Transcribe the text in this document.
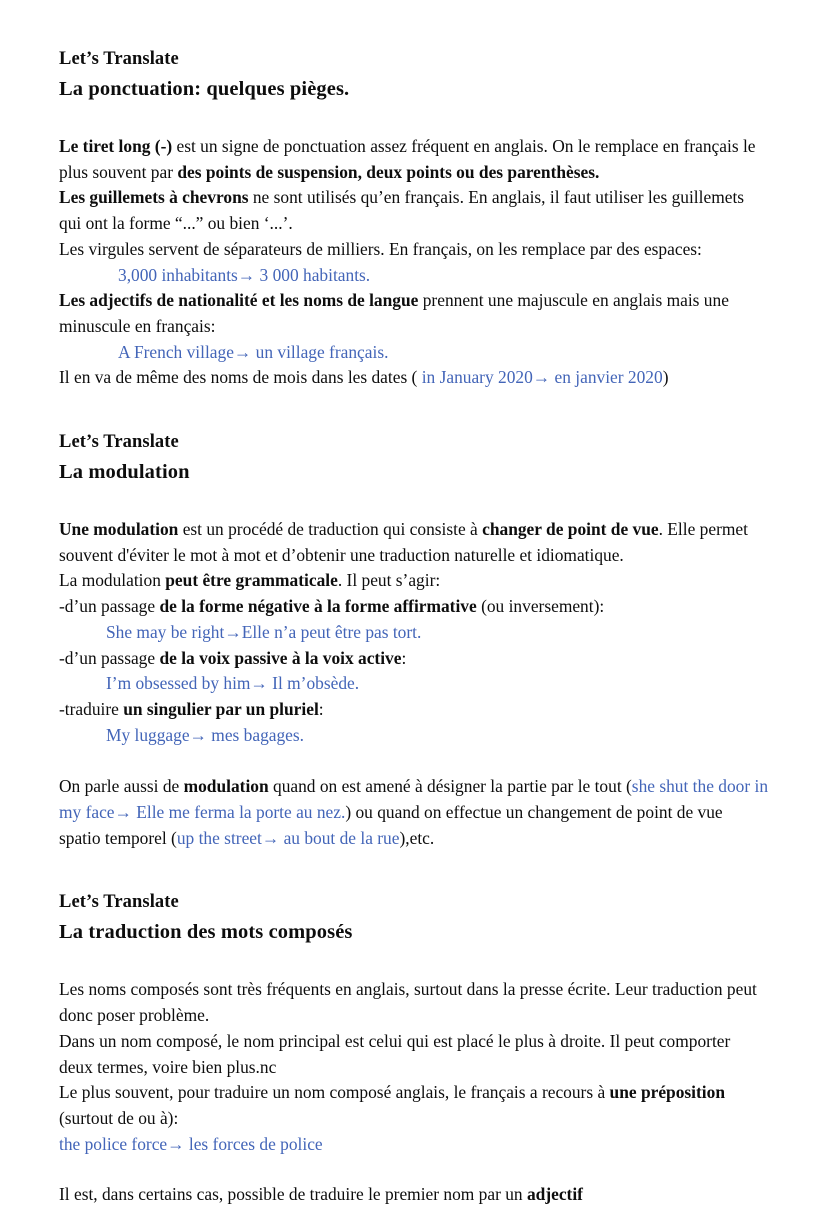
Let’s Translate
La ponctuation: quelques pièges.

Le tiret long (-) est un signe de ponctuation assez fréquent en anglais. On le remplace en français le plus souvent par des points de suspension, deux points ou des parenthèses.

Les guillemets à chevrons ne sont utilisés qu’en français. En anglais, il faut utiliser les guillemets qui ont la forme “...” ou bien ‘...’.

Les virgules servent de séparateurs de milliers. En français, on les remplace par des espaces:

3,000 inhabitants→ 3 000 habitants.

Les adjectifs de nationalité et les noms de langue prennent une majuscule en anglais mais une minuscule en français:

A French village→ un village français.

Il en va de même des noms de mois dans les dates ( in January 2020→ en janvier 2020)

Let’s Translate
La modulation

Une modulation est un procédé de traduction qui consiste à changer de point de vue. Elle permet souvent d'éviter le mot à mot et d’obtenir une traduction naturelle et idiomatique.

La modulation peut être grammaticale. Il peut s’agir:

-d’un passage de la forme négative à la forme affirmative (ou inversement):

She may be right→Elle n’a peut être pas tort.

-d’un passage de la voix passive à la voix active:

I’m obsessed by him→ Il m’obsède.

-traduire un singulier par un pluriel:

My luggage→ mes bagages.

On parle aussi de modulation quand on est amené à désigner la partie par le tout (she shut the door in my face→ Elle me ferma la porte au nez.) ou quand on effectue un changement de point de vue spatio temporel (up the street→ au bout de la rue),etc.

Let’s Translate
La traduction des mots composés

Les noms composés sont très fréquents en anglais, surtout dans la presse écrite. Leur traduction peut donc poser problème.

Dans un nom composé, le nom principal est celui qui est placé le plus à droite. Il peut comporter deux termes, voire bien plus.nc

Le plus souvent, pour traduire un nom composé anglais, le français a recours à une préposition (surtout de ou à):

the police force→ les forces de police

Il est, dans certains cas, possible de traduire le premier nom par un adjectif
